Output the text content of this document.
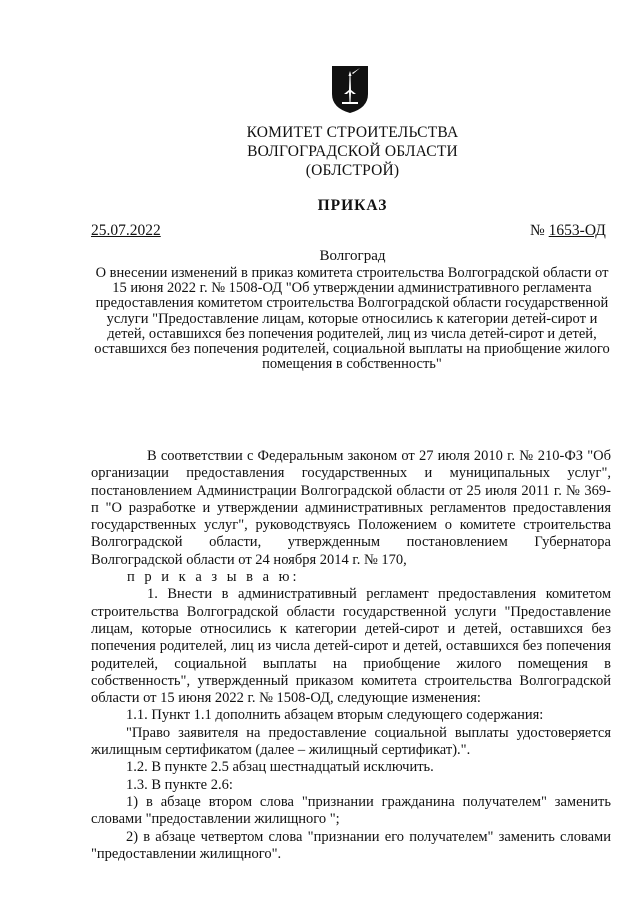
КОМИТЕТ СТРОИТЕЛЬСТВА
ВОЛГОГРАДСКОЙ ОБЛАСТИ
(ОБЛСТРОЙ)
ПРИКАЗ
25.07.2022	№ 1653-ОД
Волгоград
О внесении изменений в приказ комитета строительства Волгоградской области от 15 июня 2022 г. № 1508-ОД "Об утверждении административного регламента предоставления комитетом строительства Волгоградской области государственной услуги "Предоставление лицам, которые относились к категории детей-сирот и детей, оставшихся без попечения родителей, лиц из числа детей-сирот и детей, оставшихся без попечения родителей, социальной выплаты на приобщение жилого помещения в собственность"

В соответствии с Федеральным законом от 27 июля 2010 г. № 210-ФЗ "Об организации предоставления государственных и муниципальных услуг", постановлением Администрации Волгоградской области от 25 июля 2011 г. № 369-п "О разработке и утверждении административных регламентов предоставления государственных услуг", руководствуясь Положением о комитете строительства Волгоградской области, утвержденным постановлением Губернатора Волгоградской области от 24 ноября 2014 г. № 170,

п р и к а з ы в а ю:

1. Внести в административный регламент предоставления комитетом строительства Волгоградской области государственной услуги "Предоставление лицам, которые относились к категории детей-сирот и детей, оставшихся без попечения родителей, лиц из числа детей-сирот и детей, оставшихся без попечения родителей, социальной выплаты на приобщение жилого помещения в собственность", утвержденный приказом комитета строительства Волгоградской области от 15 июня 2022 г. № 1508-ОД, следующие изменения:

1.1. Пункт 1.1 дополнить абзацем вторым следующего содержания:

"Право заявителя на предоставление социальной выплаты удостоверяется жилищным сертификатом (далее – жилищный сертификат).".

1.2. В пункте 2.5 абзац шестнадцатый исключить.

1.3. В пункте 2.6:

1) в абзаце втором слова "признании гражданина получателем" заменить словами "предоставлении жилищного ";

2) в абзаце четвертом слова "признании его получателем" заменить словами "предоставлении жилищного".
